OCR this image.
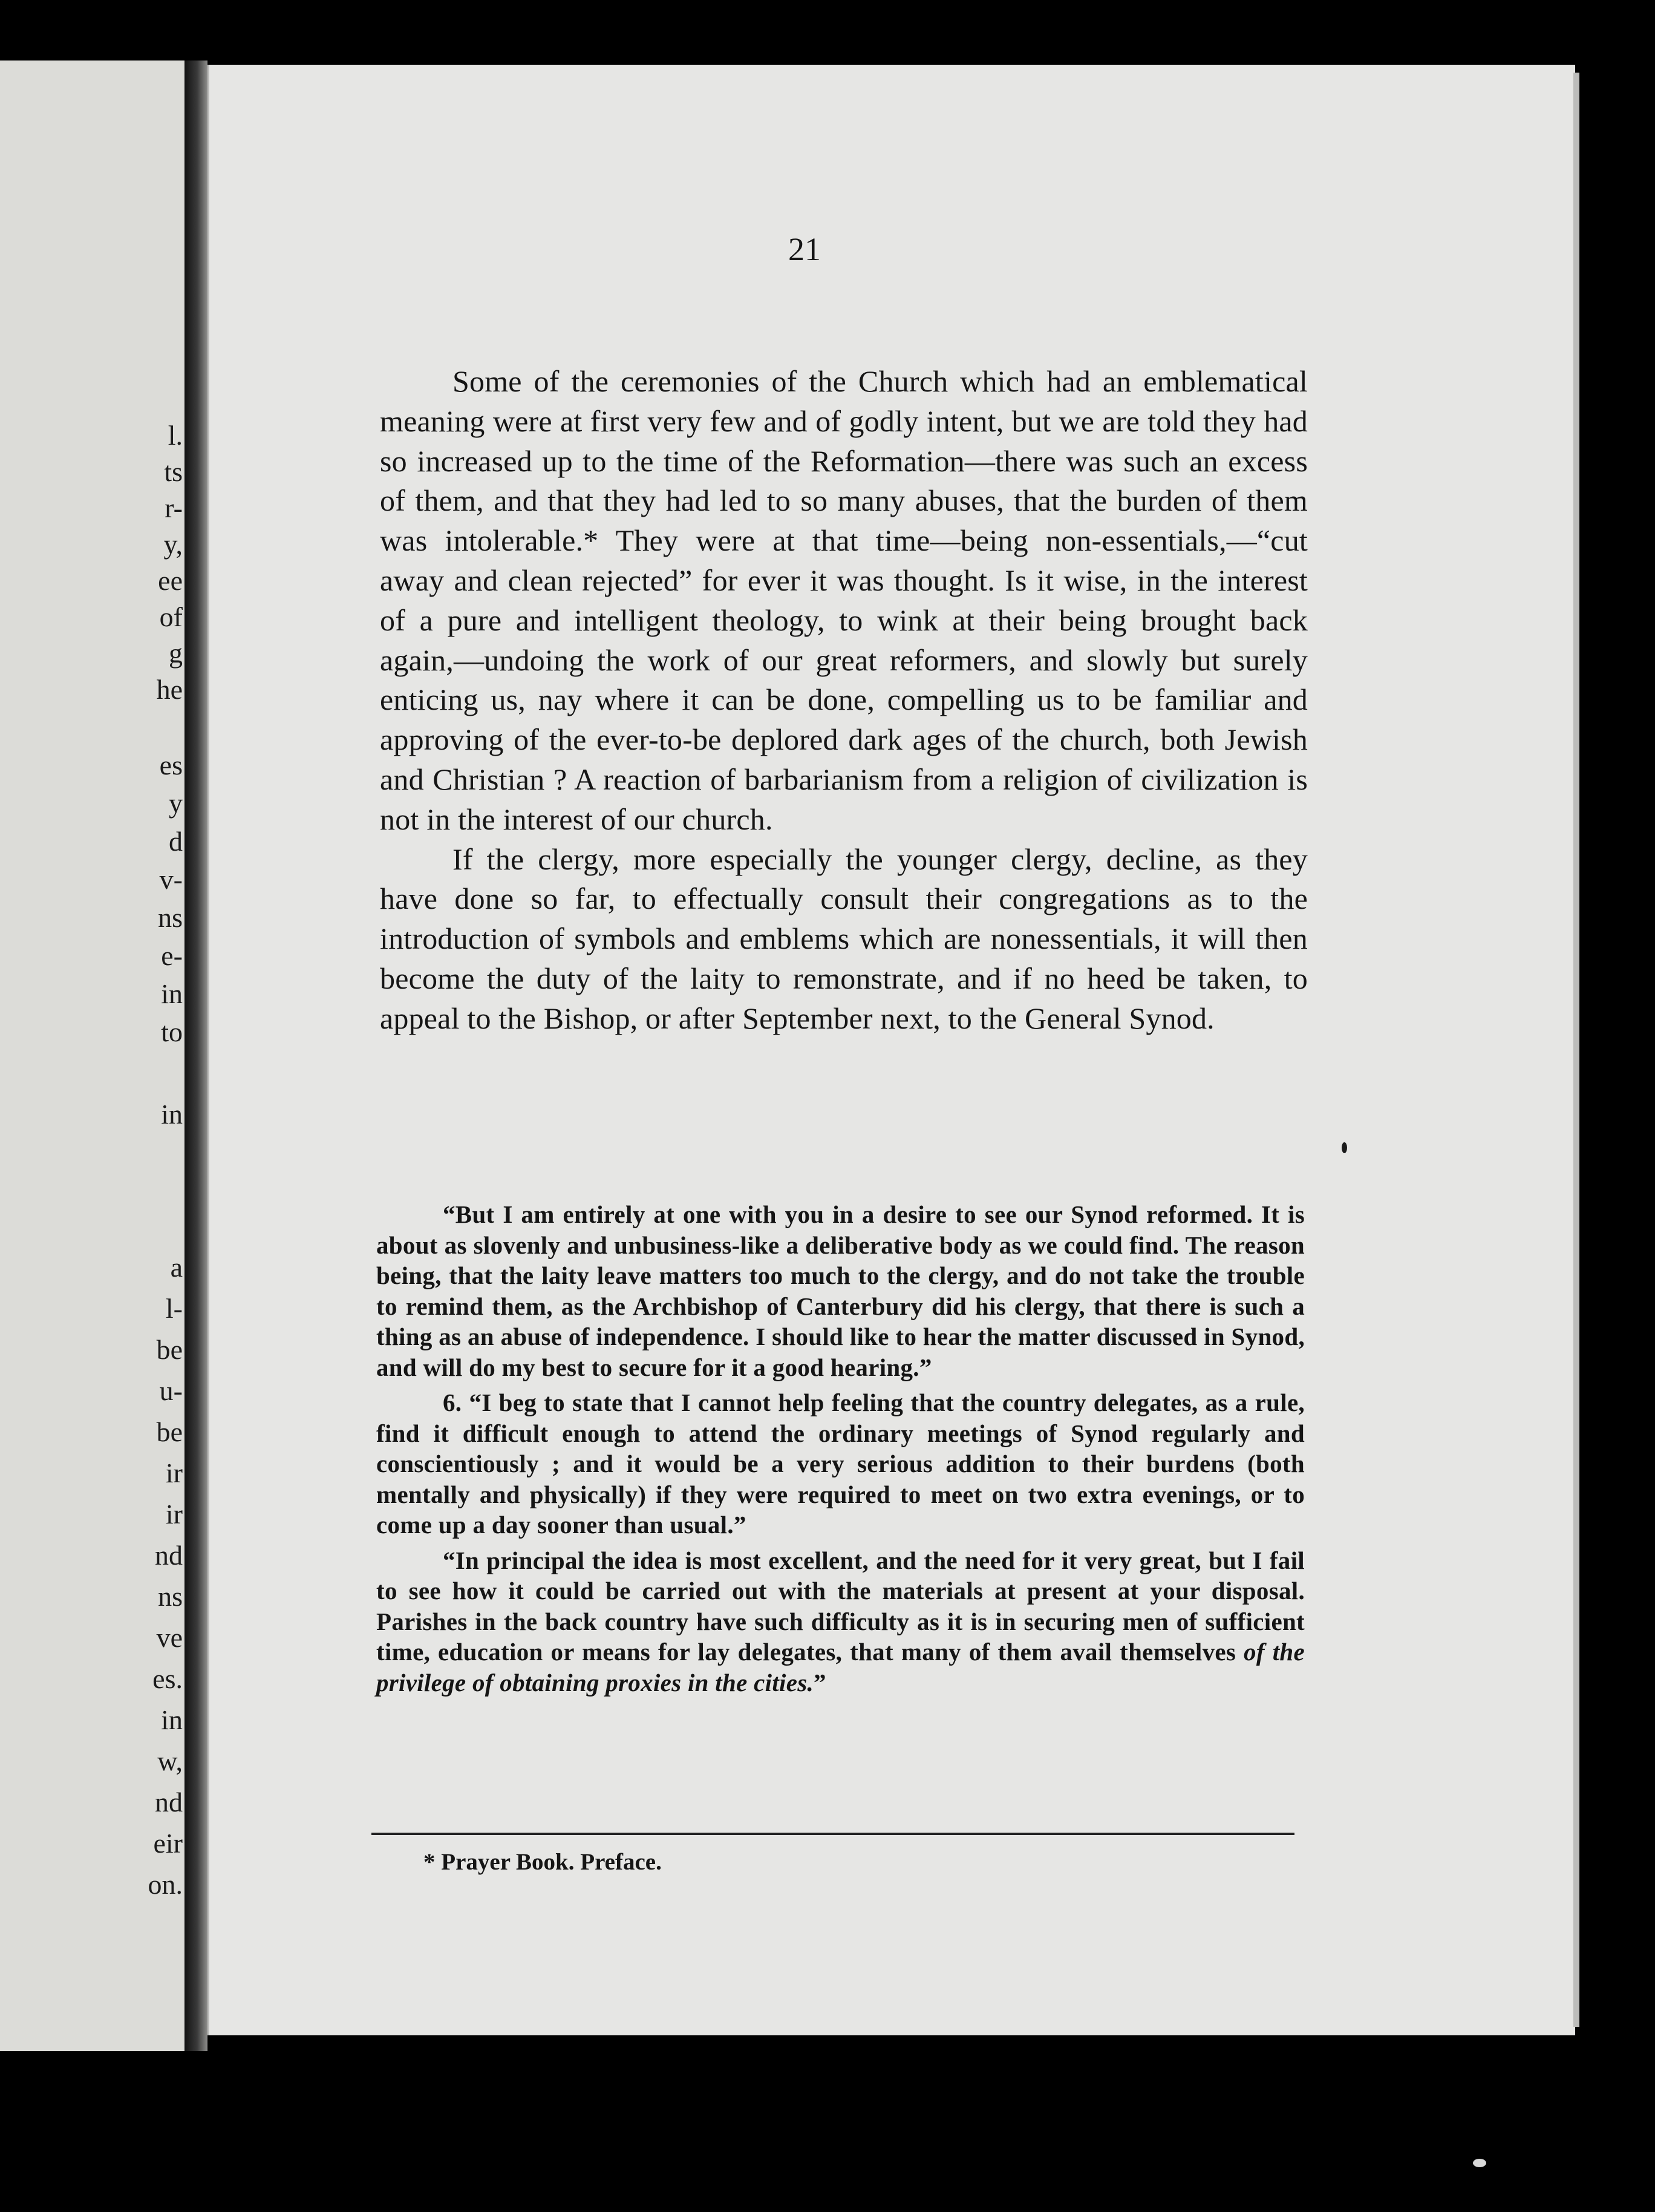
l.
ts
r-
y,
ee
of
g
he
es
y
d
v-
ns
e-
in
to
in
a
l-
be
u-
be
ir
ir
nd
ns
ve
es.
in
w,
nd
eir
on.
21

Some of the ceremonies of the Church which had an emblematical meaning were at first very few and of godly intent, but we are told they had so increased up to the time of the Reformation—there was such an excess of them, and that they had led to so many abuses, that the burden of them was intolerable.* They were at that time—being non-essentials,—“cut away and clean rejected” for ever it was thought. Is it wise, in the interest of a pure and intelligent theology, to wink at their being brought back again,—undoing the work of our great reformers, and slowly but surely enticing us, nay where it can be done, compelling us to be familiar and approving of the ever-to-be deplored dark ages of the church, both Jewish and Christian ? A reaction of barbarianism from a religion of civilization is not in the interest of our church.

If the clergy, more especially the younger clergy, decline, as they have done so far, to effectually consult their congregations as to the introduction of symbols and emblems which are nonessentials, it will then become the duty of the laity to remonstrate, and if no heed be taken, to appeal to the Bishop, or after September next, to the General Synod.

“But I am entirely at one with you in a desire to see our Synod reformed. It is about as slovenly and unbusiness-like a deliberative body as we could find. The reason being, that the laity leave matters too much to the clergy, and do not take the trouble to remind them, as the Archbishop of Canterbury did his clergy, that there is such a thing as an abuse of independence. I should like to hear the matter discussed in Synod, and will do my best to secure for it a good hearing.”

6. “I beg to state that I cannot help feeling that the country delegates, as a rule, find it difficult enough to attend the ordinary meetings of Synod regularly and conscientiously ; and it would be a very serious addition to their burdens (both mentally and physically) if they were required to meet on two extra evenings, or to come up a day sooner than usual.”

“In principal the idea is most excellent, and the need for it very great, but I fail to see how it could be carried out with the materials at present at your disposal. Parishes in the back country have such difficulty as it is in securing men of sufficient time, education or means for lay delegates, that many of them avail themselves of the privilege of obtaining proxies in the cities.”

* Prayer Book. Preface.
